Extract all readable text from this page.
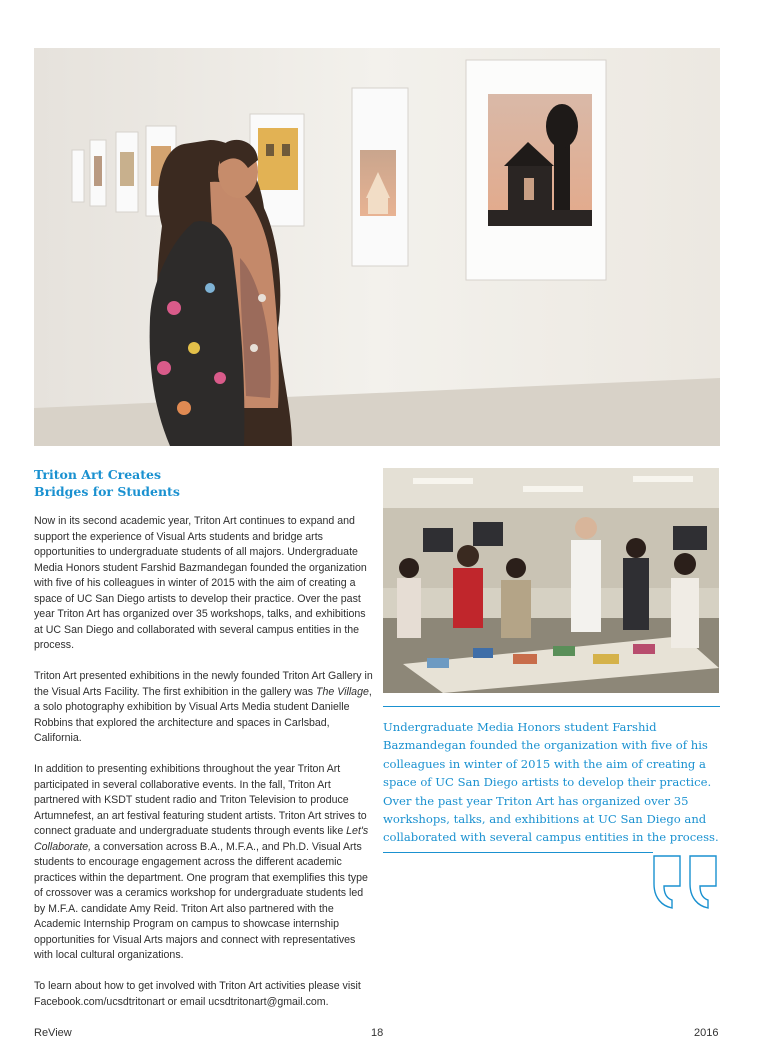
Triton Art Creates
Bridges for Students

Now in its second academic year, Triton Art continues to expand and support the experience of Visual Arts students and bridge arts opportunities to undergraduate students of all majors. Undergraduate Media Honors student Farshid Bazmandegan founded the organization with five of his colleagues in winter of 2015 with the aim of creating a space of UC San Diego artists to develop their practice. Over the past year Triton Art has organized over 35 workshops, talks, and exhibitions at UC San Diego and collaborated with several campus entities in the process.

Triton Art presented exhibitions in the newly founded Triton Art Gallery in the Visual Arts Facility. The first exhibition in the gallery was The Village, a solo photography exhibition by Visual Arts Media student Danielle Robbins that explored the architecture and spaces in Carlsbad, California.

In addition to presenting exhibitions throughout the year Triton Art participated in several collaborative events. In the fall, Triton Art partnered with KSDT student radio and Triton Television to produce Artumnefest, an art festival featuring student artists. Triton Art strives to connect graduate and undergraduate students through events like Let's Collaborate, a conversation across B.A., M.F.A., and Ph.D. Visual Arts students to encourage engagement across the different academic practices within the department. One program that exemplifies this type of crossover was a ceramics workshop for undergraduate students led by M.F.A. candidate Amy Reid. Triton Art also partnered with the Academic Internship Program on campus to showcase internship opportunities for Visual Arts majors and connect with representatives with local cultural organizations.

To learn about how to get involved with Triton Art activities please visit Facebook.com/ucsdtritonart or email ucsdtritonart@gmail.com.

Undergraduate Media Honors student Farshid Bazmandegan founded the organization with five of his colleagues in winter of 2015 with the aim of creating a space of UC San Diego artists to develop their practice. Over the past year Triton Art has organized over 35 workshops, talks, and exhibitions at UC San Diego and collaborated with several campus entities in the process.
ReView	18	2016
